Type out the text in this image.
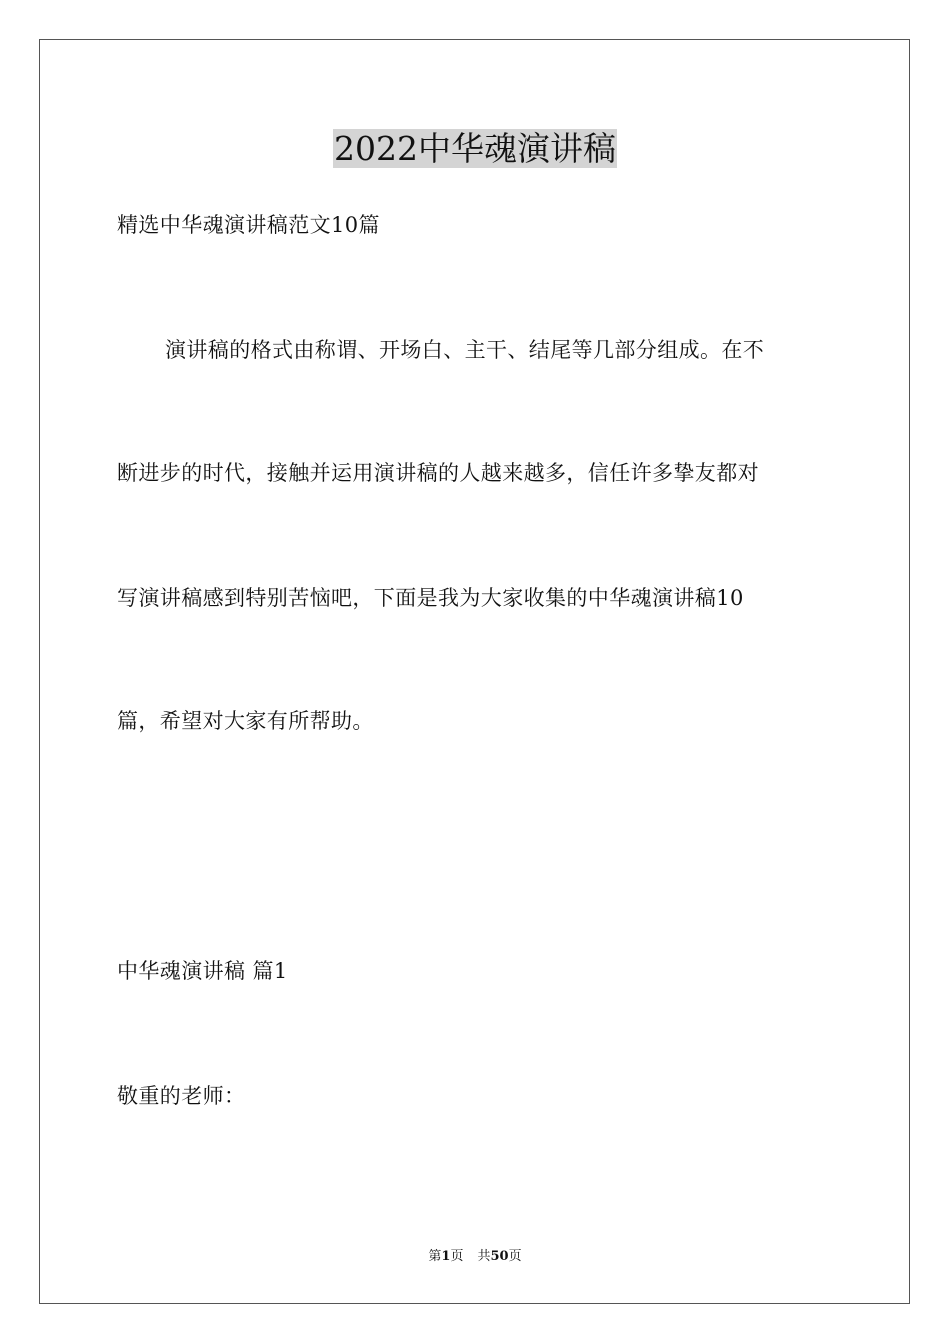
2022中华魂演讲稿
精选中华魂演讲稿范文10篇
演讲稿的格式由称谓、开场白、主干、结尾等几部分组成。在不
断进步的时代，接触并运用演讲稿的人越来越多，信任许多挚友都对
写演讲稿感到特别苦恼吧，下面是我为大家收集的中华魂演讲稿10
篇，希望对大家有所帮助。
中华魂演讲稿 篇1
敬重的老师：
第1页 共50页
